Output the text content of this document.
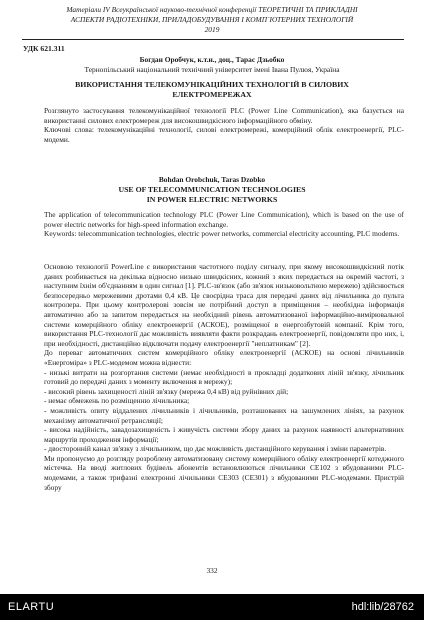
Матеріали IV Всеукраїнської науково-технічної конференції ТЕОРЕТИЧНІ ТА ПРИКЛАДНІ
АСПЕКТИ РАДІОТЕХНІКИ, ПРИЛАДОБУДУВАННЯ І КОМП`ЮТЕРНИХ ТЕХНОЛОГІЙ
2019
УДК 621.311
Богдан Оробчук, к.т.н., доц., Тарас Дзьобко
Тернопільський національний технічний університет імені Івана Пулюя, Україна
ВИКОРИСТАННЯ ТЕЛЕКОМУНІКАЦІЙНИХ ТЕХНОЛОГІЙ В СИЛОВИХ
ЕЛЕКТРОМЕРЕЖАХ
Розглянуто застосування телекомунікаційної технології PLC (Power Line Communication), яка базується на використанні силових електромереж для високошвидкісного інформаційного обміну.
Ключові слова: телекомунікаційні технології, силові електромережі, комерційний облік електроенергії, PLC-модеми.
Bohdan Orobchuk, Taras Dzobko
USE OF TELECOMMUNICATION TECHNOLOGIES
IN POWER ELECTRIC NETWORKS
The application of telecommunication technology PLC (Power Line Communication), which is based on the use of power electric networks for high-speed information exchange.
Keywords: telecommunication technologies, electric power networks, commercial electricity accounting, PLC modems.
Основою технології PowerLine є використання частотного поділу сигналу, при якому високошвидкісний потік даних розбивається на декілька відносно низько швидкісних, кожний з яких передається на окремій частоті, з наступним їхнім об'єднанням в один сигнал [1]. PLC-зв'язок (або зв'язок низьковольтною мережею) здійснюється безпосередньо мережевими дротами 0,4 кВ. Це своєрідна траса для передачі даних від лічильника до пульта контролера. При цьому контролерові зовсім не потрібний доступ в приміщення – необхідна інформація автоматично або за запитом передається на необхідний рівень автоматизованої інформаційно-вимірювальної системи комерційного обліку електроенергії (АСКОЕ), розміщеної в енергозбутовій компанії. Крім того, використання PLC-технології дає можливість виявляти факти розкрадань електроенергії, повідомляти про них, і, при необхідності, дистанційно відключати подачу електроенергії "неплатникам" [2].
До переваг автоматичних систем комерційного обліку електроенергії (АСКОЕ) на основі лічильників «Енергоміра» з PLC-модемом можна віднести:
- низькі витрати на розгортання системи (немає необхідності в прокладці додаткових ліній зв'язку, лічильник готовий до передачі даних з моменту включення в мережу);
- високий рівень захищеності ліній зв'язку (мережа 0,4 кВ) від руйнівних дій;
- немає обмежень по розміщенню лічильника;
- можливість опиту віддалених лічильників і лічильників, розташованих на зашумлених лініях, за рахунок механізму автоматичної ретрансляції;
- висока надійність, завадозахищеність і живучість системи збору даних за рахунок наявності альтернативних маршрутів проходження інформації;
- двосторонній канал зв'язку з лічильником, що дає можливість дистанційного керування і зміни параметрів.
Ми пропонуємо до розгляду розроблену автоматизовану систему комерційного обліку електроенергії котеджного містечка. На вводі житлових будівель абонентів встановлюються лічильники CE102 з вбудованими PLC-модемами, а також трифазні електронні лічильники CE303 (CE301) з вбудованими PLC-модемами. Пристрій збору
332
ELARTU	hdl:lib/28762
